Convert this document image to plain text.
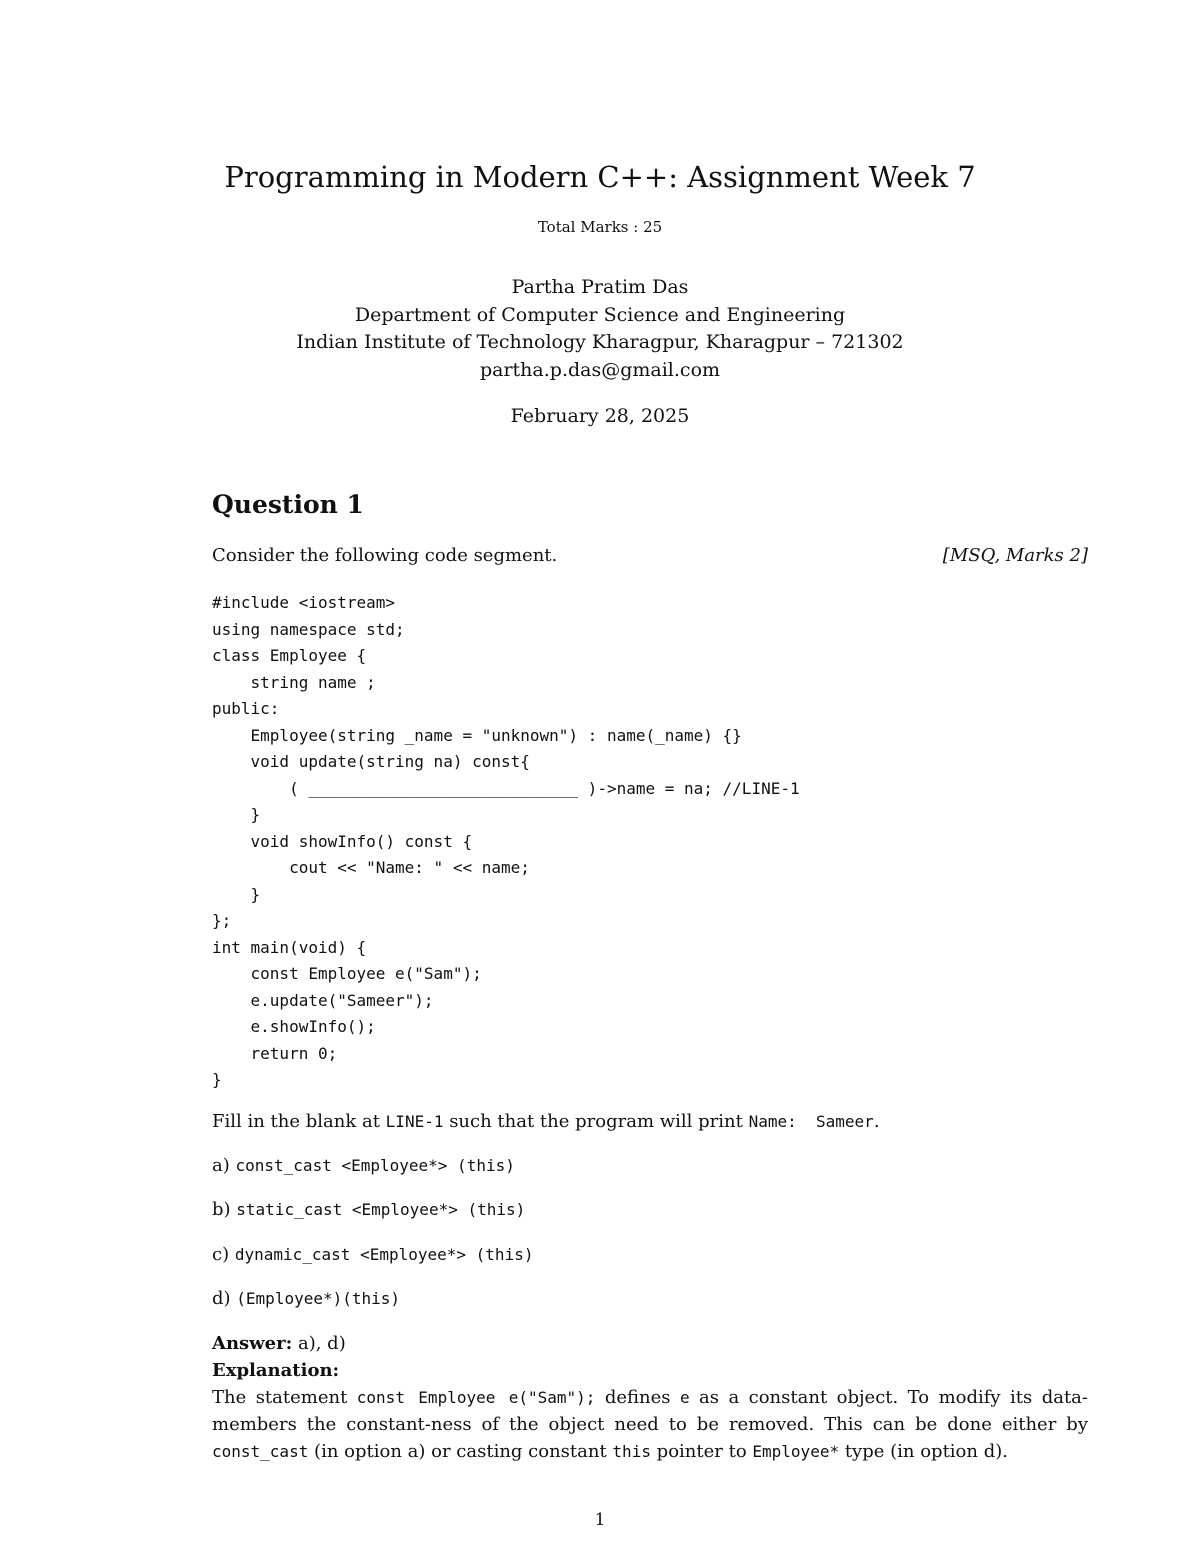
Programming in Modern C++: Assignment Week 7
Total Marks : 25
Partha Pratim Das
Department of Computer Science and Engineering
Indian Institute of Technology Kharagpur, Kharagpur – 721302
partha.p.das@gmail.com
February 28, 2025
Question 1
Consider the following code segment.	[MSQ, Marks 2]
#include <iostream>
using namespace std;
class Employee {
string name ;
public:
Employee(string _name = "unknown") : name(_name) {}
void update(string na) const{
( ____________________________ )->name = na; //LINE-1
}
void showInfo() const {
cout << "Name: " << name;
}
};
int main(void) {
const Employee e("Sam");
e.update("Sameer");
e.showInfo();
return 0;
}
Fill in the blank at LINE-1 such that the program will print Name:  Sameer.
a) const_cast <Employee*> (this)
b) static_cast <Employee*> (this)
c) dynamic_cast <Employee*> (this)
d) (Employee*)(this)
Answer: a), d)
Explanation:
The statement const Employee e("Sam"); defines e as a constant object. To modify its data-members the constant-ness of the object need to be removed. This can be done either by const_cast (in option a) or casting constant this pointer to Employee* type (in option d).
1
